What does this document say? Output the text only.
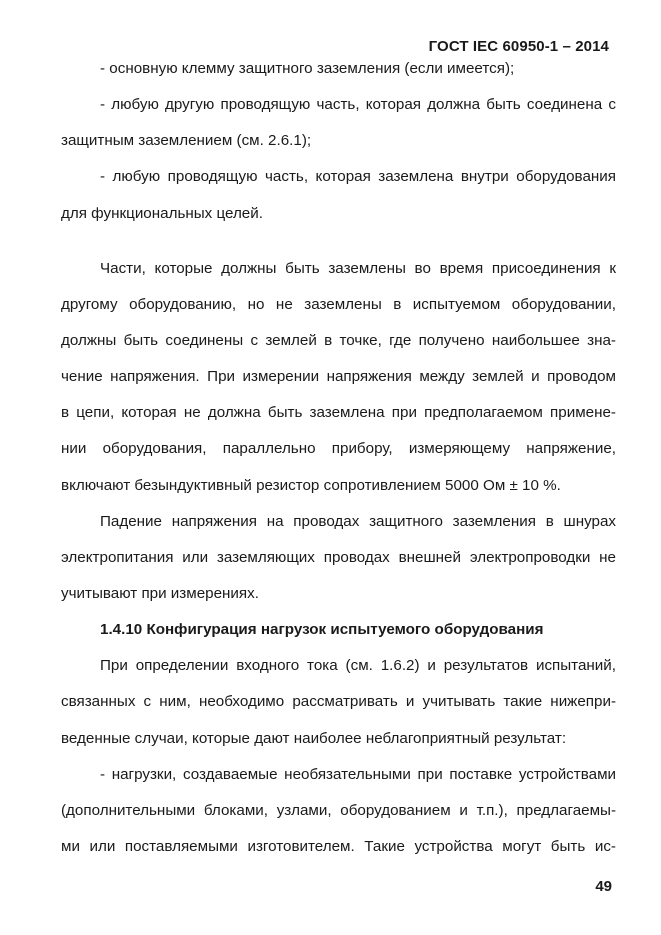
ГОСТ IEC 60950-1 – 2014
- основную клемму защитного заземления (если имеется);
- любую другую проводящую часть, которая должна быть соединена с
защитным заземлением (см. 2.6.1);
- любую проводящую часть, которая заземлена внутри оборудования
для функциональных целей.
Части, которые должны быть заземлены во время присоединения к
другому оборудованию, но не заземлены в испытуемом оборудовании,
должны быть соединены с землей в точке, где получено наибольшее зна-
чение напряжения. При измерении напряжения между землей и проводом
в цепи, которая не должна быть заземлена при предполагаемом примене-
нии оборудования, параллельно прибору, измеряющему напряжение,
включают безындуктивный резистор сопротивлением 5000 Ом ± 10 %.
Падение напряжения на проводах защитного заземления в шнурах
электропитания или заземляющих проводах внешней электропроводки не
учитывают при измерениях.
1.4.10 Конфигурация нагрузок испытуемого оборудования
При определении входного тока (см. 1.6.2) и результатов испытаний,
связанных с ним, необходимо рассматривать и учитывать такие нижепри-
веденные случаи, которые дают наиболее неблагоприятный результат:
- нагрузки, создаваемые необязательными при поставке устройствами
(дополнительными блоками, узлами, оборудованием и т.п.), предлагаемы-
ми или поставляемыми изготовителем. Такие устройства могут быть ис-
49
